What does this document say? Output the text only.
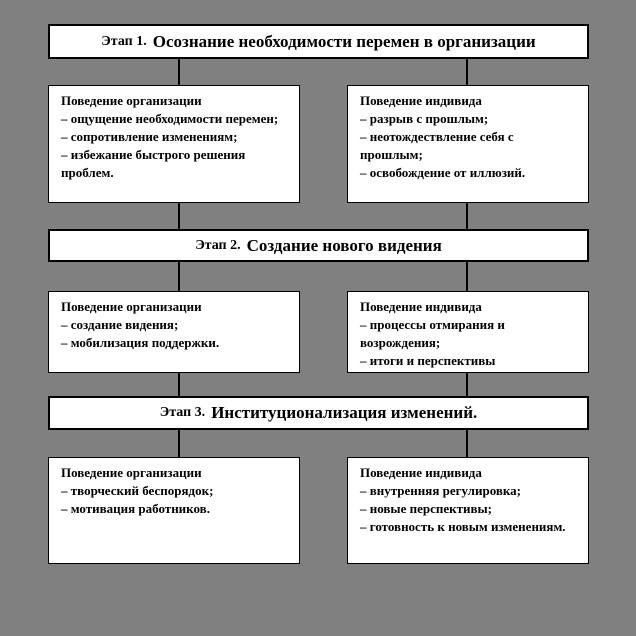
Этап 1. Осознание необходимости перемен в организации
Поведение организации
– ощущение необходимости перемен;
– сопротивление изменениям;
– избежание быстрого решения проблем.
Поведение индивида
– разрыв с прошлым;
– неотождествление себя с прошлым;
– освобождение от иллюзий.
Этап 2. Создание нового видения
Поведение организации
– создание видения;
– мобилизация поддержки.
Поведение индивида
– процессы отмирания и возрождения;
– итоги и перспективы
Этап 3. Институционализация изменений.
Поведение организации
– творческий беспорядок;
– мотивация работников.
Поведение индивида
– внутренняя регулировка;
– новые перспективы;
– готовность к новым изменениям.
